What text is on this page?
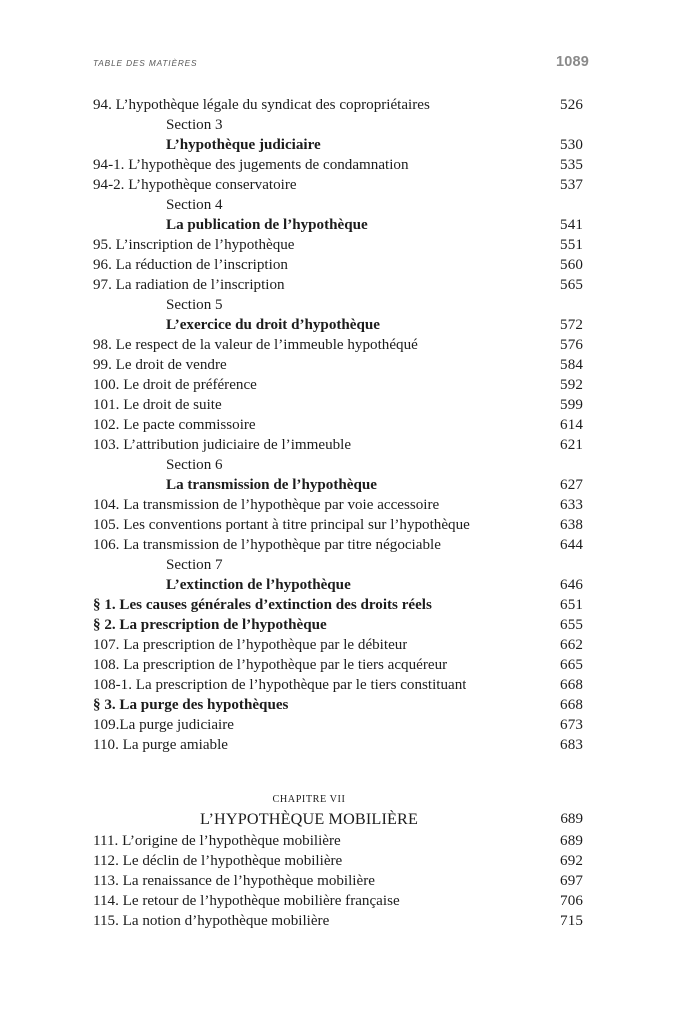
TABLE DES MATIÈRES	1089
94. L’hypothèque légale du syndicat des copropriétaires	526
Section 3
L’hypothèque judiciaire	530
94-1. L’hypothèque des jugements de condamnation	535
94-2. L’hypothèque conservatoire	537
Section 4
La publication de l’hypothèque	541
95. L’inscription de l’hypothèque	551
96. La réduction de l’inscription	560
97. La radiation de l’inscription	565
Section 5
L’exercice du droit d’hypothèque	572
98. Le respect de la valeur de l’immeuble hypothéqué	576
99. Le droit de vendre	584
100. Le droit de préférence	592
101. Le droit de suite	599
102. Le pacte commissoire	614
103. L’attribution judiciaire de l’immeuble	621
Section 6
La transmission de l’hypothèque	627
104. La transmission de l’hypothèque par voie accessoire	633
105. Les conventions portant à titre principal sur l’hypothèque	638
106. La transmission de l’hypothèque par titre négociable	644
Section 7
L’extinction de l’hypothèque	646
§ 1. Les causes générales d’extinction des droits réels	651
§ 2. La prescription de l’hypothèque	655
107. La prescription de l’hypothèque par le débiteur	662
108. La prescription de l’hypothèque par le tiers acquéreur	665
108-1. La prescription de l’hypothèque par le tiers constituant	668
§ 3. La purge des hypothèques	668
109.La purge judiciaire	673
110. La purge amiable	683
CHAPITRE VII
L’HYPOTHÈQUE MOBILIÈRE	689
111. L’origine de l’hypothèque mobilière	689
112. Le déclin de l’hypothèque mobilière	692
113. La renaissance de l’hypothèque mobilière	697
114. Le retour de l’hypothèque mobilière française	706
115. La notion d’hypothèque mobilière	715
